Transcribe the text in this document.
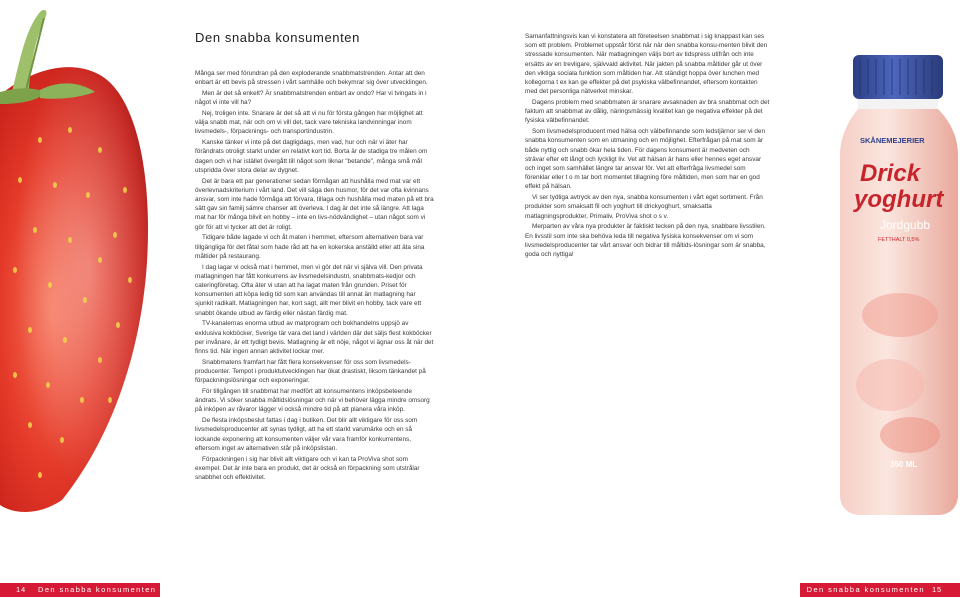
Den snabba konsumenten

Många ser med förundran på den exploderande snabbmatstrenden. Antar att den enbart är ett bevis på stressen i vårt samhälle och bekymrar sig över utvecklingen.

Men är det så enkelt? Är snabbmatstrenden enbart av ondo? Har vi tvingats in i något vi inte vill ha?

Nej, troligen inte. Snarare är det så att vi nu för första gången har möjlighet att välja snabb mat, när och om vi vill det, tack vare tekniska landvinningar inom livsmedels-, förpacknings- och transportindustrin.

Kanske tänker vi inte på det dagligdags, men vad, hur och när vi äter har förändrats otroligt starkt under en relativt kort tid. Borta är de stadiga tre målen om dagen och vi har istället övergått till något som liknar "betande", många små mål utspridda över stora delar av dygnet.

Det är bara ett par generationer sedan förmågan att hushålla med mat var ett överlevnadskriterium i vårt land. Det vill säga den husmor, för det var ofta kvinnans ansvar, som inte hade förmåga att förvara, tillaga och hushålla med maten på ett bra sätt gav sin familj sämre chanser att överleva. I dag är det inte så längre. Att laga mat har för många blivit en hobby – inte en livs-nödvändighet – utan något som vi gör för att vi tycker att det är roligt.

Tidigare både lagade vi och åt maten i hemmet, eftersom alternativen bara var tillgängliga för det fåtal som hade råd att ha en kokerska anställd eller att äta sina måltider på restaurang.

I dag lagar vi också mat i hemmet, men vi gör det när vi själva vill. Den privata matlagningen har fått konkurrens av livsmedelsindustri, snabbmats-kedjor och cateringföretag. Ofta äter vi utan att ha lagat maten från grunden. Priset för konsumenten att köpa ledig tid som kan användas till annat än matlagning har sjunkit radikalt. Matlagningen har, kort sagt, allt mer blivit en hobby, tack vare ett snabbt ökande utbud av färdig eller nästan färdig mat.

TV-kanalernas enorma utbud av matprogram och bokhandelns uppsjö av exklusiva kokböcker, Sverige tär vara det land i världen där det säljs flest kokböcker per invånare, är ett tydligt bevis. Matlagning är ett nöje, något vi ägnar oss åt när det finns tid. När ingen annan aktivitet lockar mer.

Snabbmatens framfart har fått flera konsekvenser för oss som livsmedels-producenter. Tempot i produktutvecklingen har ökat drastiskt, liksom tänkandet på förpackningslösningar och exponeringar.

För tillgången till snabbmat har medfört att konsumentens inköpsbeteende ändrats. Vi söker snabba måltidslösningar och när vi behöver lägga mindre omsorg på inköpen av råvaror lägger vi också mindre tid på att planera våra inköp.

De flesta inköpsbeslut fattas i dag i butiken. Det blir allt viktigare för oss som livsmedelsproducenter att synas tydligt, att ha ett starkt varumärke och en så lockande exponering att konsumenten väljer vår vara framför konkurrentens, eftersom inget av alternativen står på inköpslistan.

Förpackningen i sig har blivit allt viktigare och vi kan ta ProViva shot som exempel. Det är inte bara en produkt, det är också en förpackning som utstrålar snabbhet och effektivitet.

14 Den snabba konsumenten

Samanfattningsvis kan vi konstatera att företeelsen snabbmat i sig knappast kan ses som ett problem. Problemet uppstår först när när den snabba konsu-menten blivit den stressade konsumenten. När matlagningen väljs bort av tidspress utifrån och inte ersätts av en trevligare, självvald aktivitet. När jakten på snabba måltider går ut över den viktiga sociala funktion som måltiden har. Att ständigt hoppa över lunchen med kollegorna t ex kan ge effekter på det psykiska välbefinnandet, eftersom kontakten med det personliga nätverket minskar.

Dagens problem med snabbmaten är snarare avsaknaden av bra snabbmat och det faktum att snabbmat av dålig, näringsmässig kvalitet kan ge negativa effekter på det fysiska välbefinnandet.

Som livsmedelsproducent med hälsa och välbefinnande som ledstjärnor ser vi den snabba konsumenten som en utmaning och en möjlighet. Efterfrågan på mat som är både nyttig och snabb ökar hela tiden. För dagens konsument är medveten och strävar efter ett långt och lyckligt liv. Vet att hälsan är hans eller hennes eget ansvar och inget som samhället längre tar ansvar för. Vet att efterfråga livsmedel som förenklar eller t o m tar bort momentet tillagning före måltiden, men som har en god effekt på hälsan.

Vi ser tydliga avtryck av den nya, snabba konsumenten i vårt eget sortiment. Från produkter som smaksatt fil och yoghurt till drickyoghurt, smaksatta matlagningsprodukter, Primaliv, ProViva shot o s v.

Merparten av våra nya produkter är faktiskt tecken på den nya, snabbare livsstilen. En livsstil som inte ska behöva leda till negativa fysiska konsekvenser om vi som livsmedelsproducenter tar vårt ansvar och bidrar till måltids-lösningar som är snabba, goda och nyttiga!

SKÅNEMEJERIER
Drick
yoghurt
Jordgubb
FETTHALT 0,5%
350 ML
Den snabba konsumenten 15
